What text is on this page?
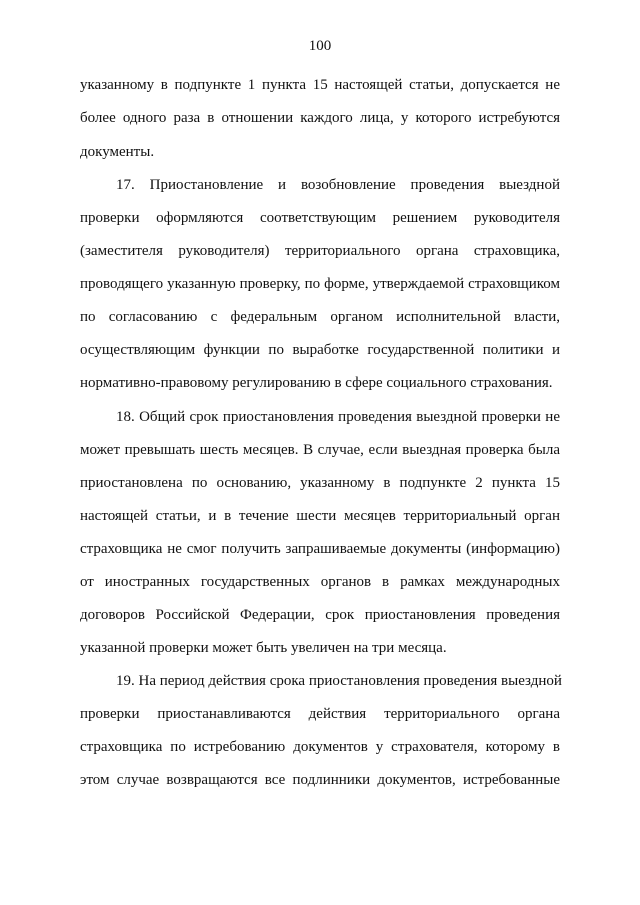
100
указанному в подпункте 1 пункта 15 настоящей статьи, допускается не
более одного раза в отношении каждого лица, у которого истребуются
документы.
17. Приостановление и возобновление проведения выездной
проверки оформляются соответствующим решением руководителя
(заместителя руководителя) территориального органа страховщика,
проводящего указанную проверку, по форме, утверждаемой страховщиком
по согласованию с федеральным органом исполнительной власти,
осуществляющим функции по выработке государственной политики и
нормативно-правовому регулированию в сфере социального страхования.
18. Общий срок приостановления проведения выездной проверки не
может превышать шесть месяцев. В случае, если выездная проверка была
приостановлена по основанию, указанному в подпункте 2 пункта 15
настоящей статьи, и в течение шести месяцев территориальный орган
страховщика не смог получить запрашиваемые документы (информацию)
от иностранных государственных органов в рамках международных
договоров Российской Федерации, срок приостановления проведения
указанной проверки может быть увеличен на три месяца.
19. На период действия срока приостановления проведения выездной
проверки приостанавливаются действия территориального органа
страховщика по истребованию документов у страхователя, которому в
этом случае возвращаются все подлинники документов, истребованные
